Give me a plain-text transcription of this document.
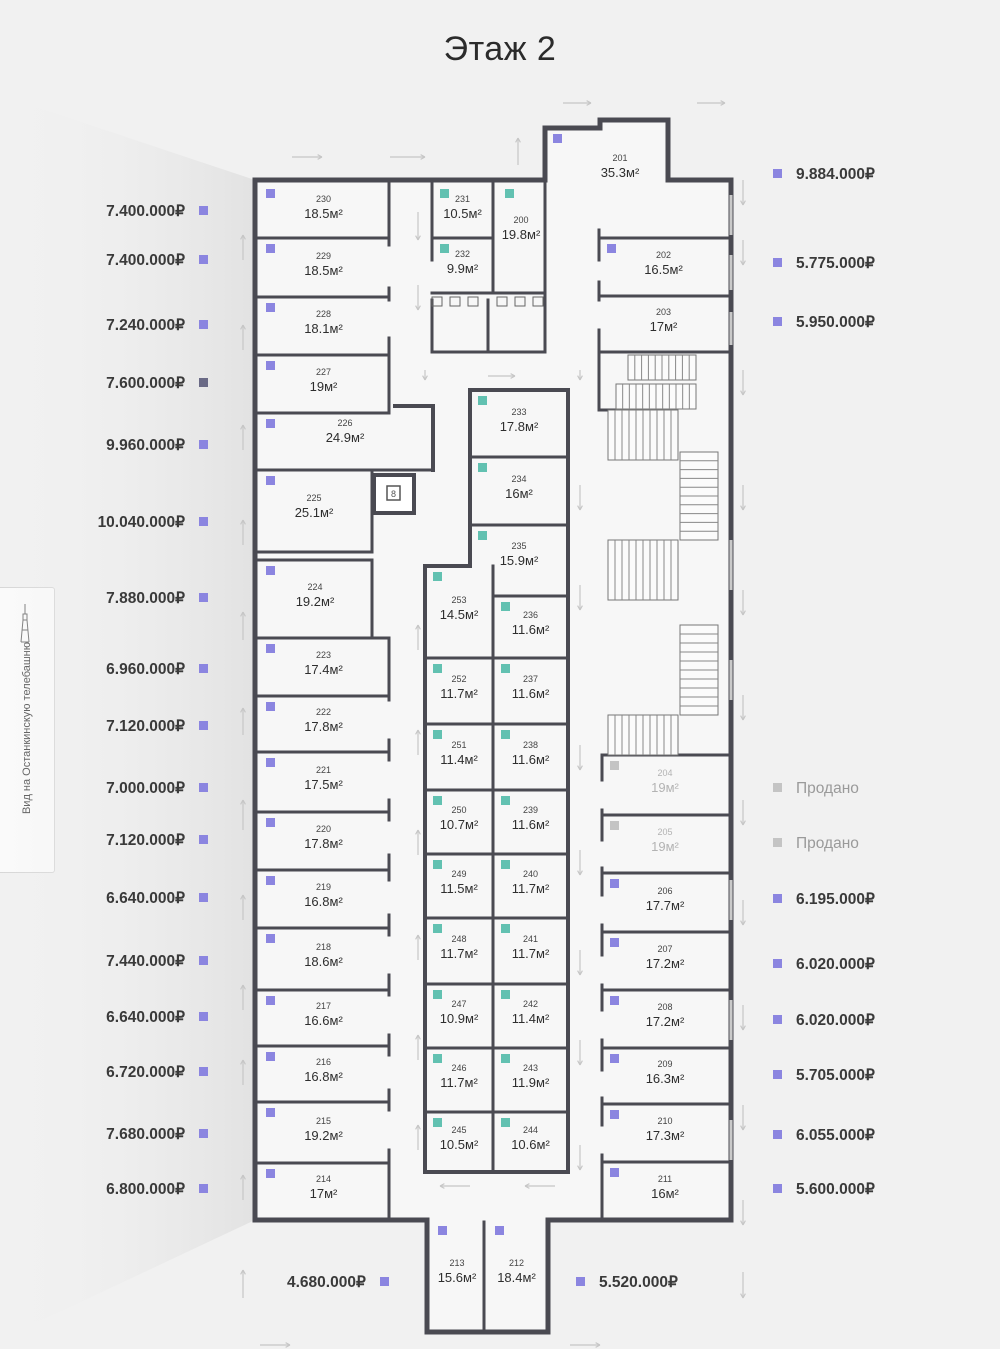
Этаж 2
8
230
18.5м²
229
18.5м²
228
18.1м²
227
19м²
226
24.9м²
225
25.1м²
224
19.2м²
223
17.4м²
222
17.8м²
221
17.5м²
220
17.8м²
219
16.8м²
218
18.6м²
217
16.6м²
216
16.8м²
215
19.2м²
214
17м²
231
10.5м²
232
9.9м²
200
19.8м²
201
35.3м²
202
16.5м²
203
17м²
233
17.8м²
234
16м²
235
15.9м²
253
14.5м²	236
11.6м²
252
11.7м²
237
11.6м²
251
11.4м²
238
11.6м²
250
10.7м²
239
11.6м²
249
11.5м²
240
11.7м²
248
11.7м²
241
11.7м²
247
10.9м²
242
11.4м²
246
11.7м²
243
11.9м²
245
10.5м²
244
10.6м²
204
19м²
205
19м²
206
17.7м²
207
17.2м²
208
17.2м²
209
16.3м²
210
17.3м²
211
16м²
213
15.6м²
212
18.4м²
7.400.000₽
7.400.000₽
7.240.000₽
7.600.000₽
9.960.000₽
10.040.000₽
7.880.000₽
6.960.000₽
7.120.000₽
7.000.000₽
7.120.000₽
6.640.000₽
7.440.000₽
6.640.000₽
6.720.000₽
7.680.000₽
6.800.000₽
9.884.000₽
5.775.000₽
5.950.000₽
Продано
Продано
6.195.000₽
6.020.000₽
6.020.000₽
5.705.000₽
6.055.000₽
5.600.000₽
4.680.000₽	5.520.000₽
